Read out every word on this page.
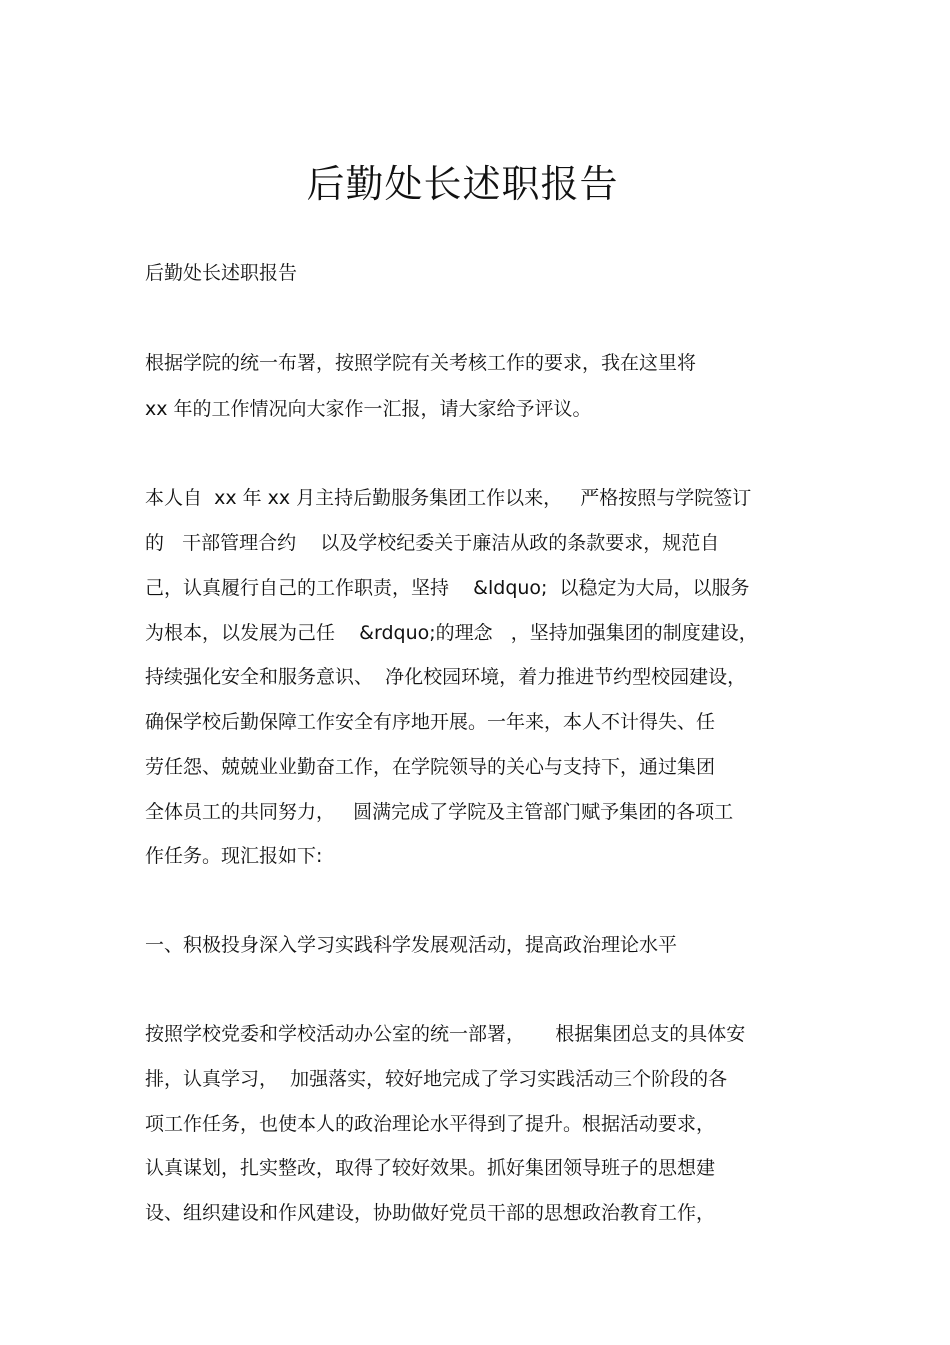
后勤处长述职报告

后勤处长述职报告

根据学院的统一布署，按照学院有关考核工作的要求，我在这里将

xx 年的工作情况向大家作一汇报，请大家给予评议。

本人自  xx 年 xx 月主持后勤服务集团工作以来，   严格按照与学院签订

的   干部管理合约    以及学校纪委关于廉洁从政的条款要求，规范自

己，认真履行自己的工作职责，坚持    &ldquo;  以稳定为大局，以服务

为根本，以发展为己任    &rdquo;的理念   ，坚持加强集团的制度建设，

持续强化安全和服务意识、  净化校园环境，着力推进节约型校园建设，

确保学校后勤保障工作安全有序地开展。一年来，本人不计得失、任

劳任怨、兢兢业业勤奋工作，在学院领导的关心与支持下，通过集团

全体员工的共同努力，   圆满完成了学院及主管部门赋予集团的各项工

作任务。现汇报如下:

一、积极投身深入学习实践科学发展观活动，提高政治理论水平

按照学校党委和学校活动办公室的统一部署，     根据集团总支的具体安

排，认真学习，  加强落实，较好地完成了学习实践活动三个阶段的各

项工作任务，也使本人的政治理论水平得到了提升。根据活动要求，

认真谋划，扎实整改，取得了较好效果。抓好集团领导班子的思想建

设、组织建设和作风建设，协助做好党员干部的思想政治教育工作，
